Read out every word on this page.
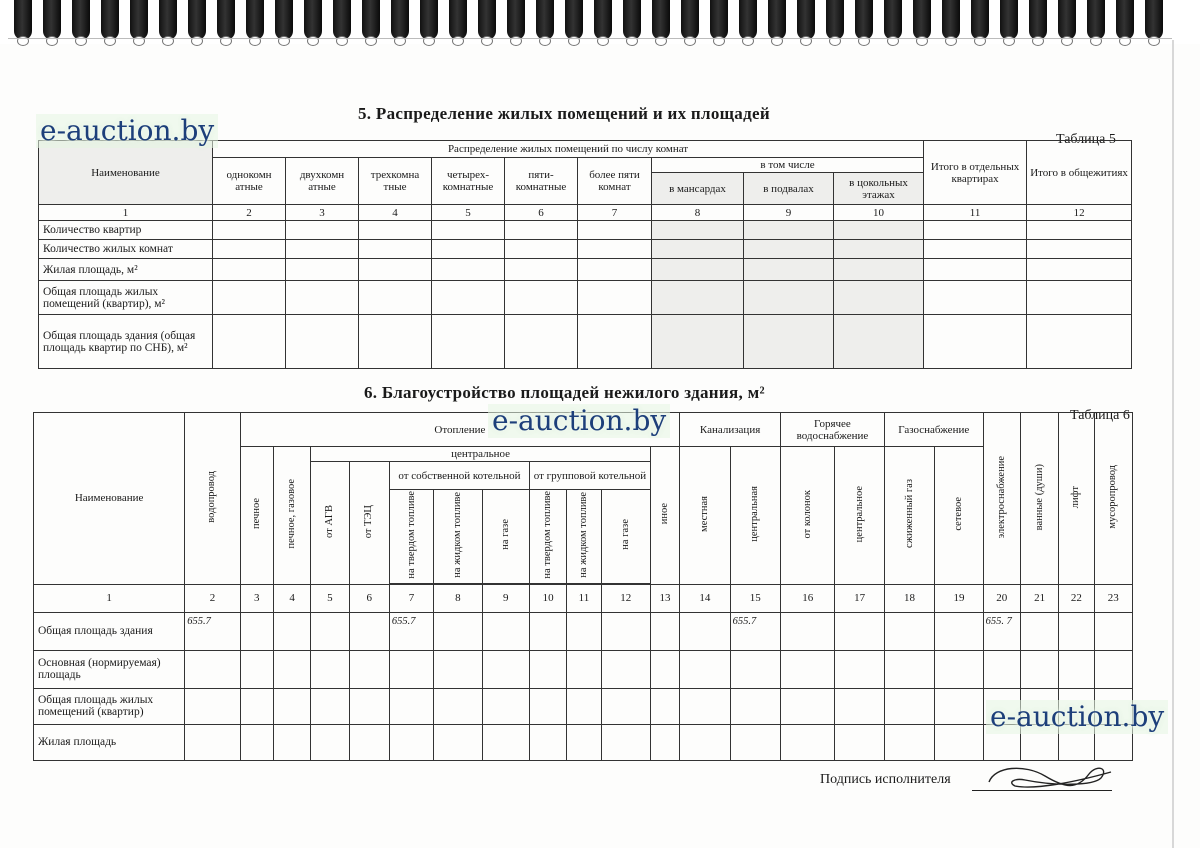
5. Распределение жилых помещений и их площадей
Таблица 5
Наименование	Распределение жилых помещений по числу комнат									Итого в отдельных квартирах	Итого в общежитиях
	однокомн атные	двухкомн атные	трехкомна тные	четырех-комнатные	пяти-комнатные	более пяти комнат	в том числе				
							в мансардах	в подвалах	в цокольных этажах		
1	2	3	4	5	6	7	8	9	10	11	12
Количество квартир											
Количество жилых комнат											
Жилая площадь, м²											
Общая площадь жилых помещений (квартир), м²											
Общая площадь здания (общая площадь квартир по СНБ), м²											
6. Благоустройство площадей нежилого здания, м²
Таблица 6
Наименование	водопровод	Отопление											Канализация		Горячее водоснабжение		Газоснабжение		электроснабжение	ванные (души)	лифт	мусоропровод
		печное	печное, газовое	центральное								иное	местная	центральная	от колонок	центральное	сжиженный газ	сетевое				
				от АГВ	от ТЭЦ	от собственной котельной			от групповой котельной													
						на твердом топливе	на жидком топливе	на газе	на твердом топливе	на жидком топливе	на газе											

1	2	3	4	5	6	7	8	9	10	11	12	13	14	15	16	17	18	19	20	21	22	23
Общая площадь здания	655.7					655.7								655.7					655. 7			
Основная (нормируемая) площадь																						
Общая площадь жилых помещений (квартир)																						
Жилая площадь																						
e-auction.by
e-auction.by
e-auction.by
Подпись исполнителя
